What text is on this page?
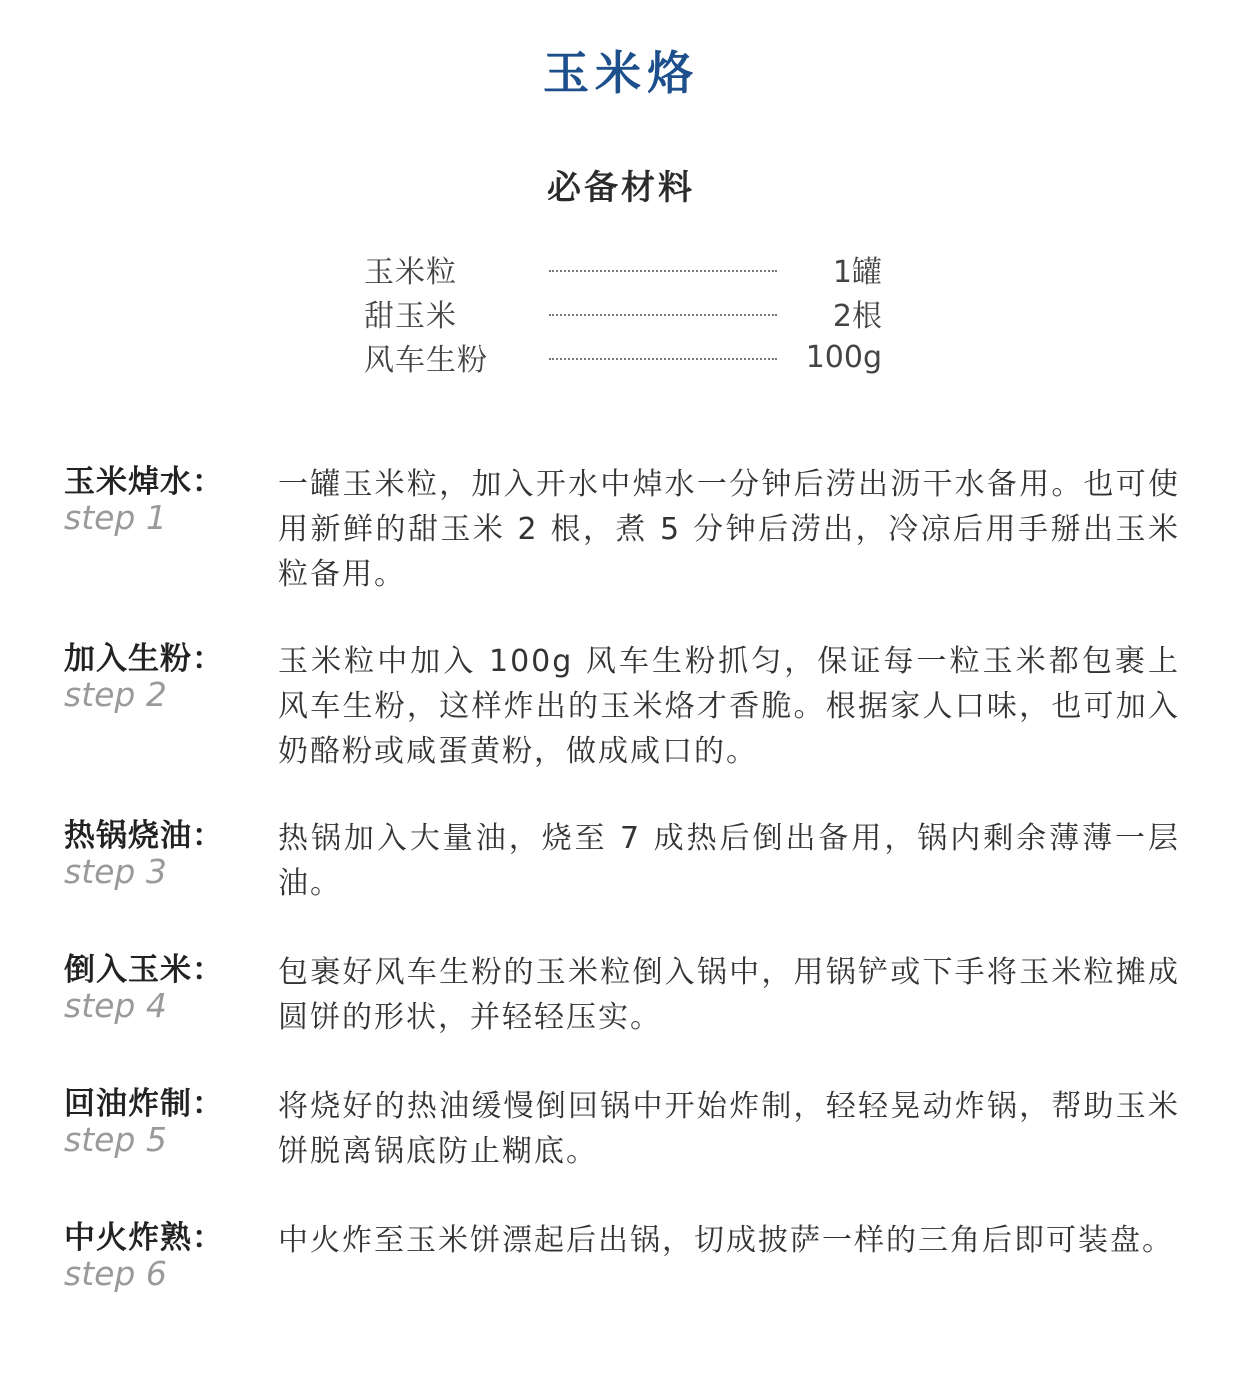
玉米烙
必备材料
玉米粒	1罐
甜玉米	2根
风车生粉	100g
玉米焯水：
step 1
一罐玉米粒，加入开水中焯水一分钟后涝出沥干水备用。也可使用新鲜的甜玉米 2 根，煮 5 分钟后涝出，冷凉后用手掰出玉米粒备用。
加入生粉：
step 2
玉米粒中加入 100g 风车生粉抓匀，保证每一粒玉米都包裹上风车生粉，这样炸出的玉米烙才香脆。根据家人口味，也可加入奶酪粉或咸蛋黄粉，做成咸口的。
热锅烧油：
step 3
热锅加入大量油，烧至 7 成热后倒出备用，锅内剩余薄薄一层油。
倒入玉米：
step 4
包裹好风车生粉的玉米粒倒入锅中，用锅铲或下手将玉米粒摊成圆饼的形状，并轻轻压实。
回油炸制：
step 5
将烧好的热油缓慢倒回锅中开始炸制，轻轻晃动炸锅，帮助玉米饼脱离锅底防止糊底。
中火炸熟：
step 6
中火炸至玉米饼漂起后出锅，切成披萨一样的三角后即可装盘。
